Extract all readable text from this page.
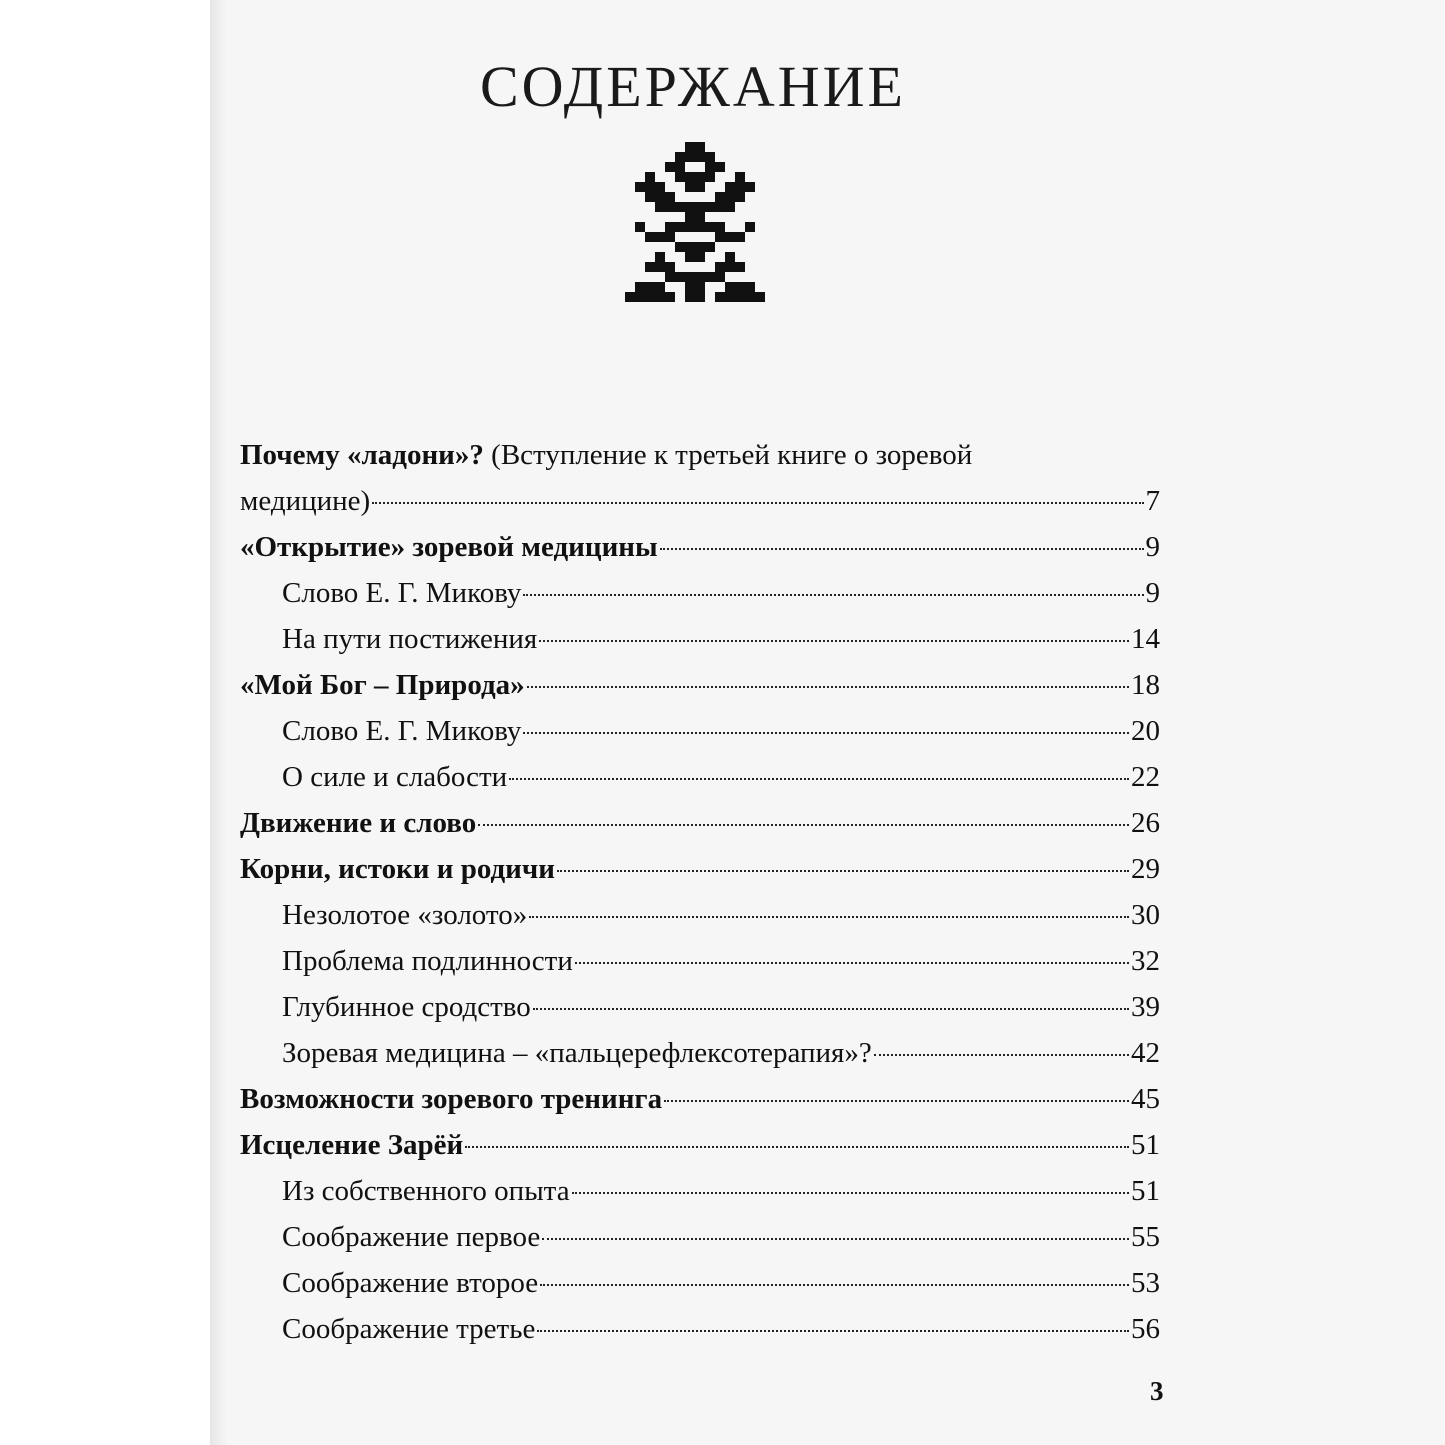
СОДЕРЖАНИЕ
Почему «ладони»? (Вступление к третьей книге о зоревой
медицине)	7
«Открытие» зоревой медицины	9
Слово Е. Г. Микову	9
На пути постижения	14
«Мой Бог – Природа»	18
Слово Е. Г. Микову	20
О силе и слабости	22
Движение и слово	26
Корни, истоки и родичи	29
Незолотое «золото»	30
Проблема подлинности	32
Глубинное сродство	39
Зоревая медицина – «пальцерефлексотерапия»?	42
Возможности зоревого тренинга	45
Исцеление Зарёй	51
Из собственного опыта	51
Соображение первое	55
Соображение второе	53
Соображение третье	56
3
